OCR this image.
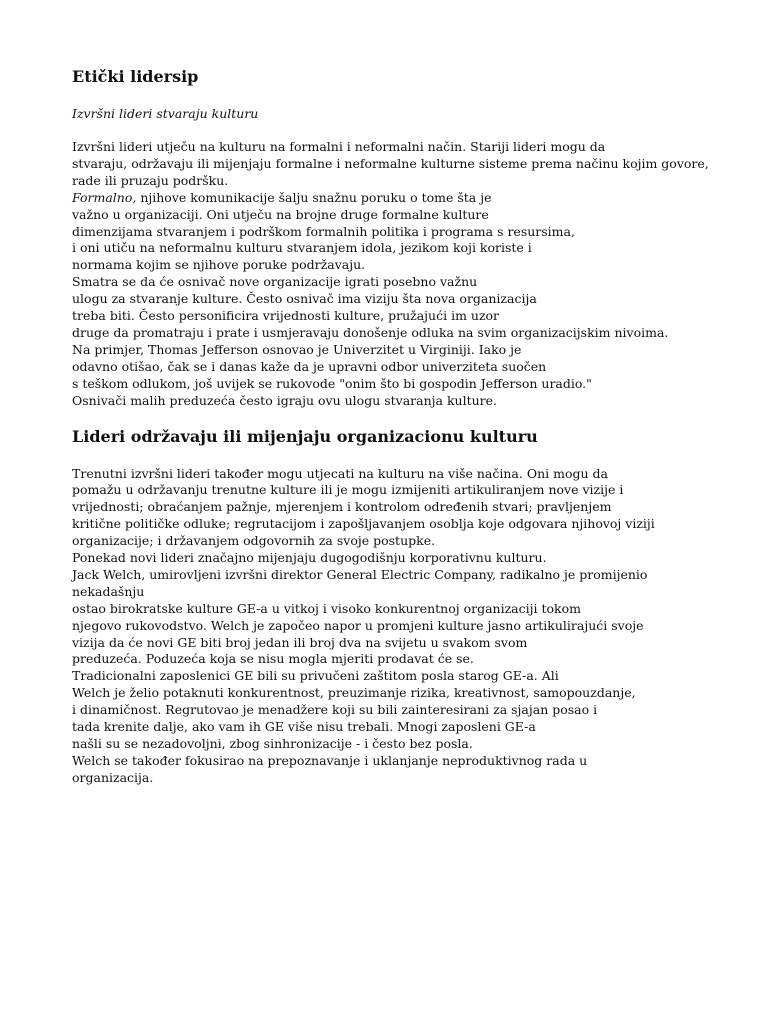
Etički lidersip

Izvršni lideri stvaraju kulturu

Izvršni lideri utječu na kulturu na formalni i neformalni način. Stariji lideri mogu da
stvaraju, održavaju ili mijenjaju formalne i neformalne kulturne sisteme prema načinu kojim govore,
rade ili pruzaju podršku.
Formalno, njihove komunikacije šalju snažnu poruku o tome šta je
važno u organizaciji. Oni utječu na brojne druge formalne kulture
dimenzijama stvaranjem i podrškom formalnih politika i programa s resursima,
i oni utiču na neformalnu kulturu stvaranjem idola, jezikom koji koriste i
normama kojim se njihove poruke podržavaju.
Smatra se da će osnivač nove organizacije igrati posebno važnu
ulogu za stvaranje kulture. Često osnivač ima viziju šta nova organizacija
treba biti. Često personificira vrijednosti kulture, pružajući im uzor
druge da promatraju i prate i usmjeravaju donošenje odluka na svim organizacijskim nivoima.
Na primjer, Thomas Jefferson osnovao je Univerzitet u Virginiji. Iako je
odavno otišao, čak se i danas kaže da je upravni odbor univerziteta suočen
s teškom odlukom, još uvijek se rukovode "onim što bi gospodin Jefferson uradio."
Osnivači malih preduzeća često igraju ovu ulogu stvaranja kulture.
Lideri održavaju ili mijenjaju organizacionu kulturu
Trenutni izvršni lideri također mogu utjecati na kulturu na više načina. Oni mogu da
pomažu u održavanju trenutne kulture ili je mogu izmijeniti artikuliranjem nove vizije i
vrijednosti; obraćanjem pažnje, mjerenjem i kontrolom određenih stvari; pravljenjem
kritične političke odluke; regrutacijom i zapošljavanjem osoblja koje odgovara njihovoj viziji
organizacije; i državanjem odgovornih za svoje postupke.
Ponekad novi lideri značajno mijenjaju dugogodišnju korporativnu kulturu.
Jack Welch, umirovljeni izvršni direktor General Electric Company, radikalno je promijenio
nekadašnju
ostao birokratske kulture GE-a u vitkoj i visoko konkurentnoj organizaciji tokom
njegovo rukovodstvo. Welch je započeo napor u promjeni kulture jasno artikulirajući svoje
vizija da će novi GE biti broj jedan ili broj dva na svijetu u svakom svom
preduzeća. Poduzeća koja se nisu mogla mjeriti prodavat će se.
Tradicionalni zaposlenici GE bili su privučeni zaštitom posla starog GE-a. Ali
Welch je želio potaknuti konkurentnost, preuzimanje rizika, kreativnost, samopouzdanje,
i dinamičnost. Regrutovao je menadžere koji su bili zainteresirani za sjajan posao i
tada krenite dalje, ako vam ih GE više nisu trebali. Mnogi zaposleni GE-a
našli su se nezadovoljni, zbog sinhronizacije - i često bez posla.
Welch se također fokusirao na prepoznavanje i uklanjanje neproduktivnog rada u
organizacija.
